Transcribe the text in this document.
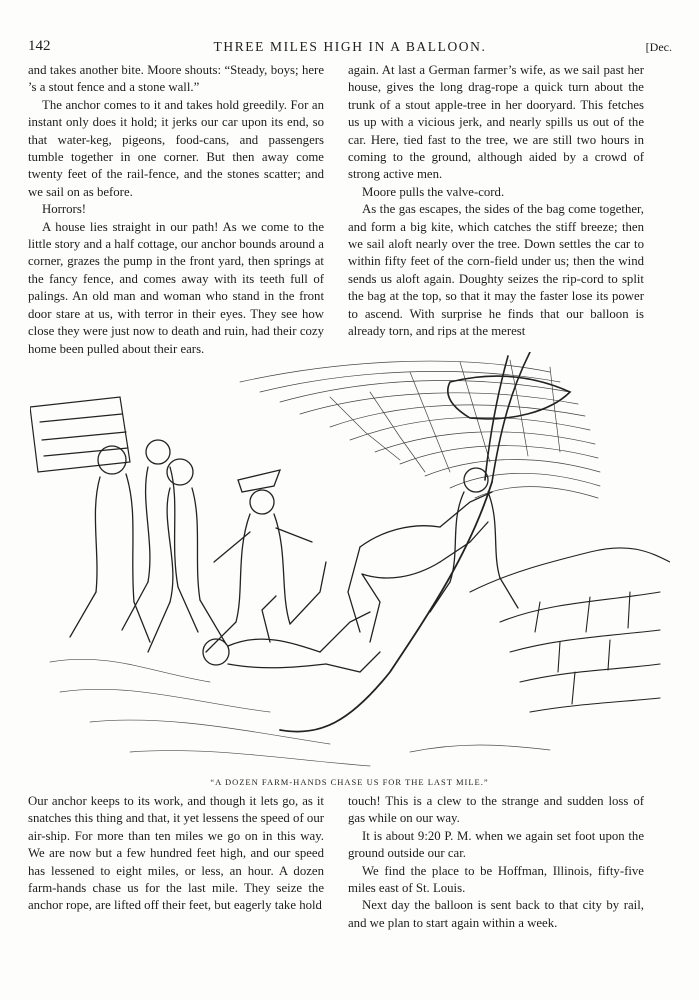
142	THREE MILES HIGH IN A BALLOON.	[Dec.

and takes another bite. Moore shouts: “Steady, boys; here ’s a stout fence and a stone wall.”

The anchor comes to it and takes hold greedily. For an instant only does it hold; it jerks our car upon its end, so that water-keg, pigeons, food-cans, and passengers tumble together in one corner. But then away come twenty feet of the rail-fence, and the stones scatter; and we sail on as before.

Horrors!

A house lies straight in our path! As we come to the little story and a half cottage, our anchor bounds around a corner, grazes the pump in the front yard, then springs at the fancy fence, and comes away with its teeth full of palings. An old man and woman who stand in the front door stare at us, with terror in their eyes. They see how close they were just now to death and ruin, had their cozy home been pulled about their ears.

again. At last a German farmer’s wife, as we sail past her house, gives the long drag-rope a quick turn about the trunk of a stout apple-tree in her dooryard. This fetches us up with a vicious jerk, and nearly spills us out of the car. Here, tied fast to the tree, we are still two hours in coming to the ground, although aided by a crowd of strong active men.

Moore pulls the valve-cord.

As the gas escapes, the sides of the bag come together, and form a big kite, which catches the stiff breeze; then we sail aloft nearly over the tree. Down settles the car to within fifty feet of the corn-field under us; then the wind sends us aloft again. Doughty seizes the rip-cord to split the bag at the top, so that it may the faster lose its power to ascend. With surprise he finds that our balloon is already torn, and rips at the merest

“A DOZEN FARM-HANDS CHASE US FOR THE LAST MILE.”

Our anchor keeps to its work, and though it lets go, as it snatches this thing and that, it yet lessens the speed of our air-ship. For more than ten miles we go on in this way. We are now but a few hundred feet high, and our speed has lessened to eight miles, or less, an hour. A dozen farm-hands chase us for the last mile. They seize the anchor rope, are lifted off their feet, but eagerly take hold

touch! This is a clew to the strange and sudden loss of gas while on our way.

It is about 9:20 P. M. when we again set foot upon the ground outside our car.

We find the place to be Hoffman, Illinois, fifty-five miles east of St. Louis.

Next day the balloon is sent back to that city by rail, and we plan to start again within a week.
